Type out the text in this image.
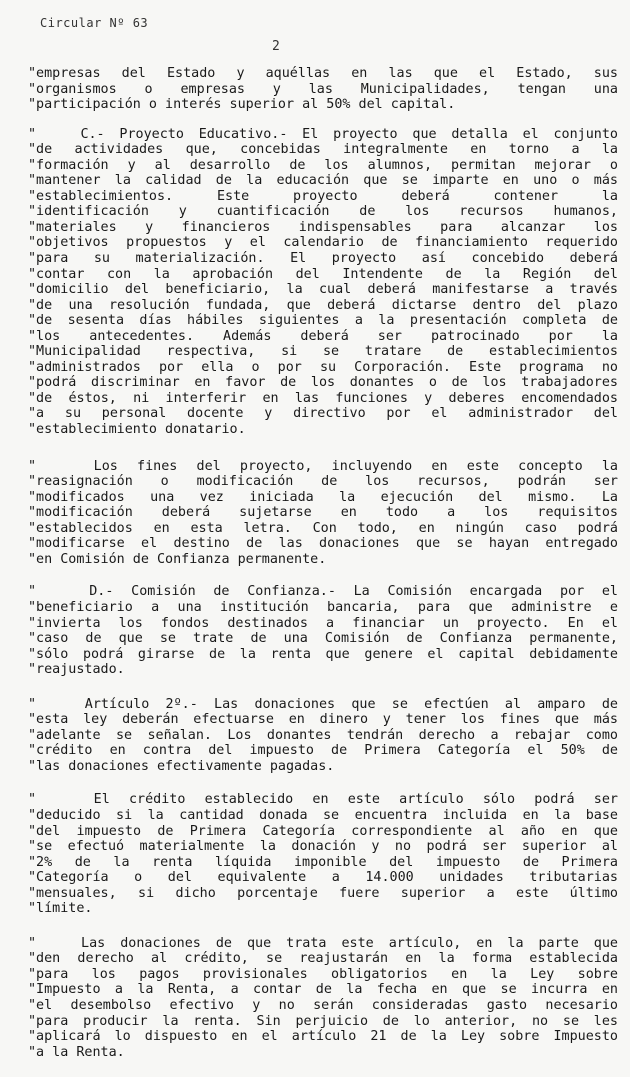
Circular Nº 63
2
"empresas del Estado y aquéllas en las que el Estado, sus
"organismos o empresas y las Municipalidades, tengan una
"participación o interés superior al 50% del capital.
"   C.- Proyecto Educativo.- El proyecto que detalla el conjunto
"de actividades que, concebidas integralmente en torno a la
"formación y al desarrollo de los alumnos, permitan mejorar o
"mantener la calidad de la educación que se imparte en uno o más
"establecimientos. Este proyecto deberá contener la
"identificación y cuantificación de los recursos humanos,
"materiales y financieros indispensables para alcanzar los
"objetivos propuestos y el calendario de financiamiento requerido
"para su materialización. El proyecto así concebido deberá
"contar con la aprobación del Intendente de la Región del
"domicilio del beneficiario, la cual deberá manifestarse a través
"de una resolución fundada, que deberá dictarse dentro del plazo
"de sesenta días hábiles siguientes a la presentación completa de
"los antecedentes. Además deberá ser patrocinado por la
"Municipalidad respectiva, si se tratare de establecimientos
"administrados por ella o por su Corporación. Este programa no
"podrá discriminar en favor de los donantes o de los trabajadores
"de éstos, ni interferir en las funciones y deberes encomendados
"a su personal docente y directivo por el administrador del
"establecimiento donatario.
"   Los fines del proyecto, incluyendo en este concepto la
"reasignación o modificación de los recursos, podrán ser
"modificados una vez iniciada la ejecución del mismo. La
"modificación deberá sujetarse en todo a los requisitos
"establecidos en esta letra. Con todo, en ningún caso podrá
"modificarse el destino de las donaciones que se hayan entregado
"en Comisión de Confianza permanente.
"   D.- Comisión de Confianza.- La Comisión encargada por el
"beneficiario a una institución bancaria, para que administre e
"invierta los fondos destinados a financiar un proyecto. En el
"caso de que se trate de una Comisión de Confianza permanente,
"sólo podrá girarse de la renta que genere el capital debidamente
"reajustado.
"   Artículo 2º.- Las donaciones que se efectúen al amparo de
"esta ley deberán efectuarse en dinero y tener los fines que más
"adelante se señalan. Los donantes tendrán derecho a rebajar como
"crédito en contra del impuesto de Primera Categoría el 50% de
"las donaciones efectivamente pagadas.
"   El crédito establecido en este artículo sólo podrá ser
"deducido si la cantidad donada se encuentra incluida en la base
"del impuesto de Primera Categoría correspondiente al año en que
"se efectuó materialmente la donación y no podrá ser superior al
"2% de la renta líquida imponible del impuesto de Primera
"Categoría o del equivalente a 14.000 unidades tributarias
"mensuales, si dicho porcentaje fuere superior a este último
"límite.
"   Las donaciones de que trata este artículo, en la parte que
"den derecho al crédito, se reajustarán en la forma establecida
"para los pagos provisionales obligatorios en la Ley sobre
"Impuesto a la Renta, a contar de la fecha en que se incurra en
"el desembolso efectivo y no serán consideradas gasto necesario
"para producir la renta. Sin perjuicio de lo anterior, no se les
"aplicará lo dispuesto en el artículo 21 de la Ley sobre Impuesto
"a la Renta.
